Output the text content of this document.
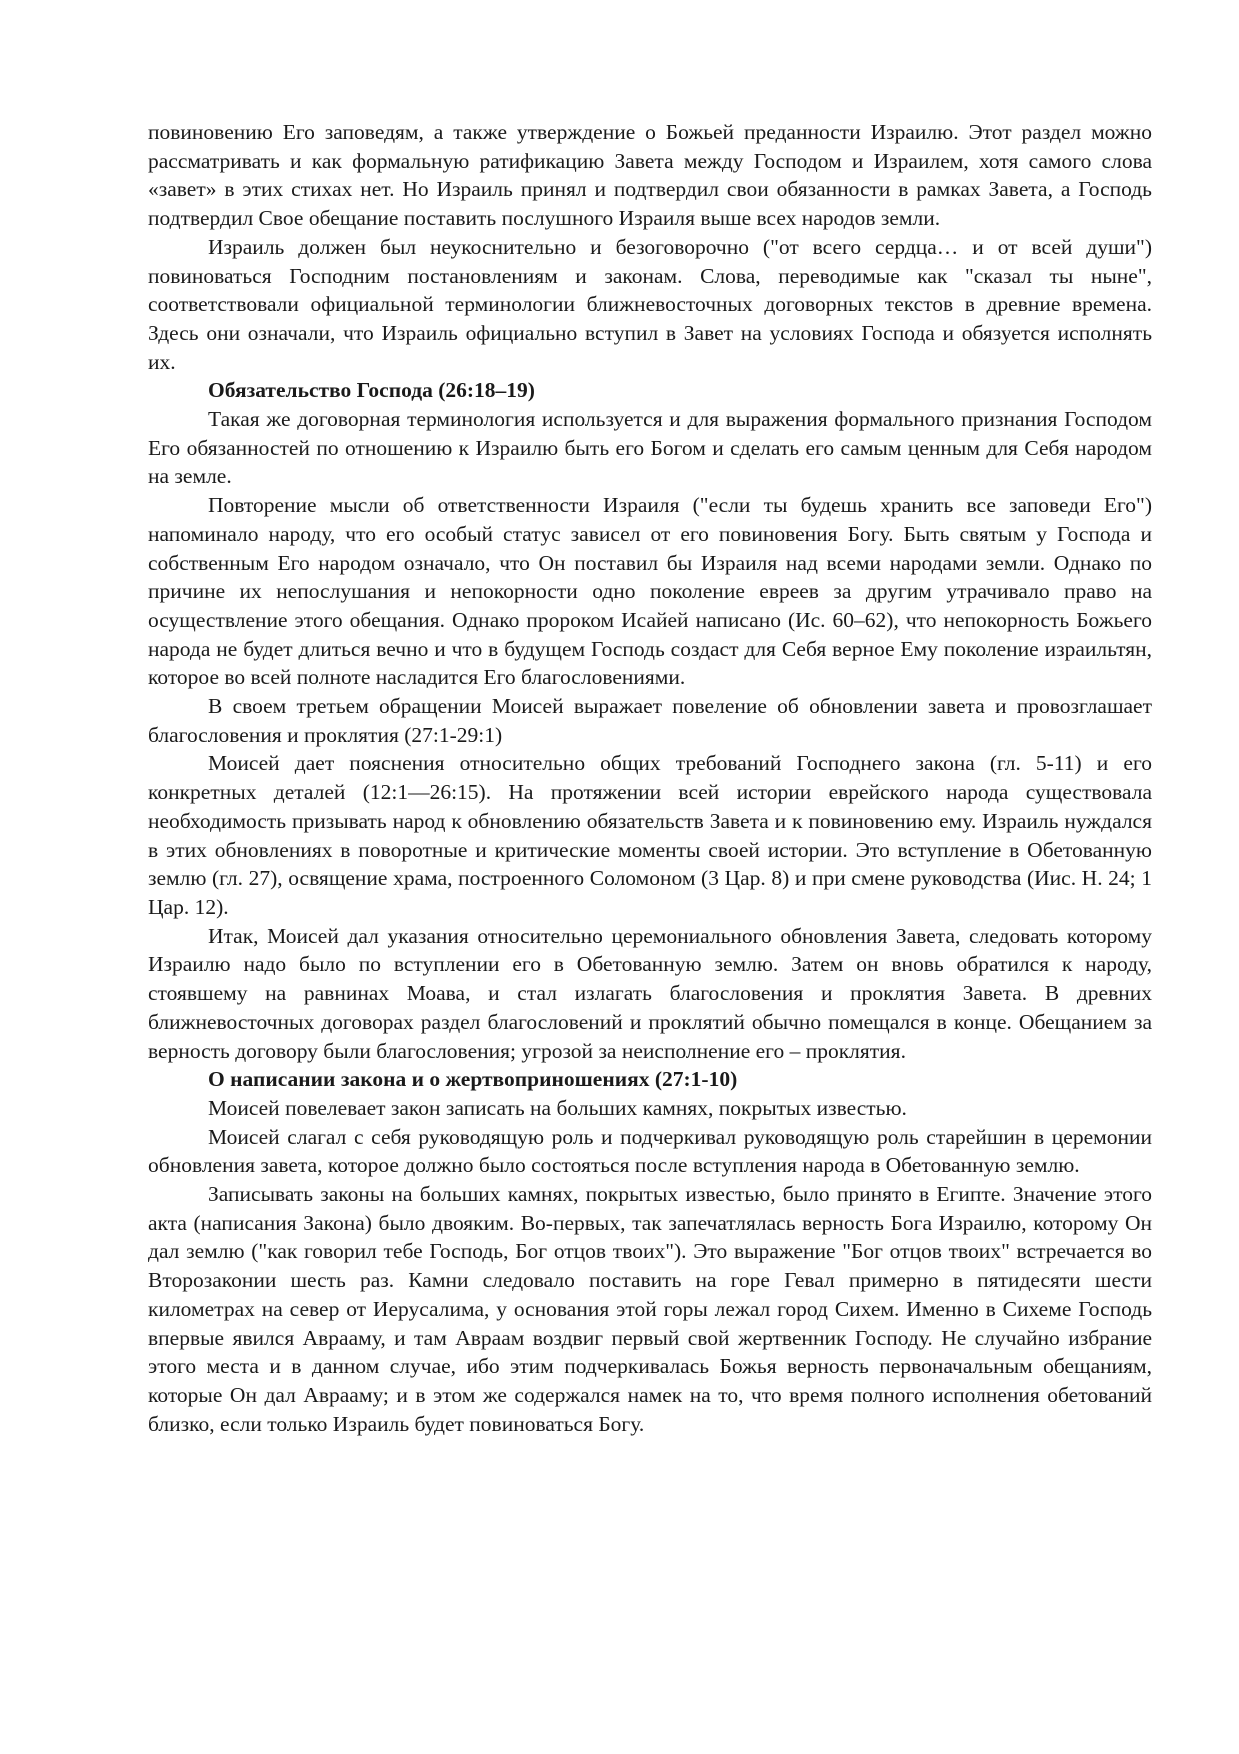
повиновению Его заповедям, а также утверждение о Божьей преданности Израилю. Этот раздел можно рассматривать и как формальную ратификацию Завета между Господом и Израилем, хотя самого слова «завет» в этих стихах нет. Но Израиль принял и подтвердил свои обязанности в рамках Завета, а Господь подтвердил Свое обещание поставить послушного Израиля выше всех народов земли.

Израиль должен был неукоснительно и безоговорочно ("от всего сердца… и от всей души") повиноваться Господним постановлениям и законам. Слова, переводимые как "сказал ты ныне", соответствовали официальной терминологии ближневосточных договорных текстов в древние времена. Здесь они означали, что Израиль официально вступил в Завет на условиях Господа и обязуется исполнять их.

Обязательство Господа (26:18–19)

Такая же договорная терминология используется и для выражения формального признания Господом Его обязанностей по отношению к Израилю быть его Богом и сделать его самым ценным для Себя народом на земле.

Повторение мысли об ответственности Израиля ("если ты будешь хранить все заповеди Его") напоминало народу, что его особый статус зависел от его повиновения Богу. Быть святым у Господа и собственным Его народом означало, что Он поставил бы Израиля над всеми народами земли. Однако по причине их непослушания и непокорности одно поколение евреев за другим утрачивало право на осуществление этого обещания. Однако пророком Исайей написано (Ис. 60–62), что непокорность Божьего народа не будет длиться вечно и что в будущем Господь создаст для Себя верное Ему поколение израильтян, которое во всей полноте насладится Его благословениями.

В своем третьем обращении Моисей выражает повеление об обновлении завета и провозглашает благословения и проклятия (27:1-29:1)

Моисей дает пояснения относительно общих требований Господнего закона (гл. 5-11) и его конкретных деталей (12:1—26:15). На протяжении всей истории еврейского народа существовала необходимость призывать народ к обновлению обязательств Завета и к повиновению ему. Израиль нуждался в этих обновлениях в поворотные и критические моменты своей истории. Это вступление в Обетованную землю (гл. 27), освящение храма, построенного Соломоном (3 Цар. 8) и при смене руководства (Иис. Н. 24; 1 Цар. 12).

Итак, Моисей дал указания относительно церемониального обновления Завета, следовать которому Израилю надо было по вступлении его в Обетованную землю. Затем он вновь обратился к народу, стоявшему на равнинах Моава, и стал излагать благословения и проклятия Завета. В древних ближневосточных договорах раздел благословений и проклятий обычно помещался в конце. Обещанием за верность договору были благословения; угрозой за неисполнение его – проклятия.

О написании закона и о жертвоприношениях (27:1-10)

Моисей повелевает закон записать на больших камнях, покрытых известью.

Моисей слагал с себя руководящую роль и подчеркивал руководящую роль старейшин в церемонии обновления завета, которое должно было состояться после вступления народа в Обетованную землю.

Записывать законы на больших камнях, покрытых известью, было принято в Египте. Значение этого акта (написания Закона) было двояким. Во-первых, так запечатлялась верность Бога Израилю, которому Он дал землю ("как говорил тебе Господь, Бог отцов твоих"). Это выражение "Бог отцов твоих" встречается во Второзаконии шесть раз. Камни следовало поставить на горе Гевал примерно в пятидесяти шести километрах на север от Иерусалима, у основания этой горы лежал город Сихем. Именно в Сихеме Господь впервые явился Аврааму, и там Авраам воздвиг первый свой жертвенник Господу. Не случайно избрание этого места и в данном случае, ибо этим подчеркивалась Божья верность первоначальным обещаниям, которые Он дал Аврааму; и в этом же содержался намек на то, что время полного исполнения обетований близко, если только Израиль будет повиноваться Богу.
